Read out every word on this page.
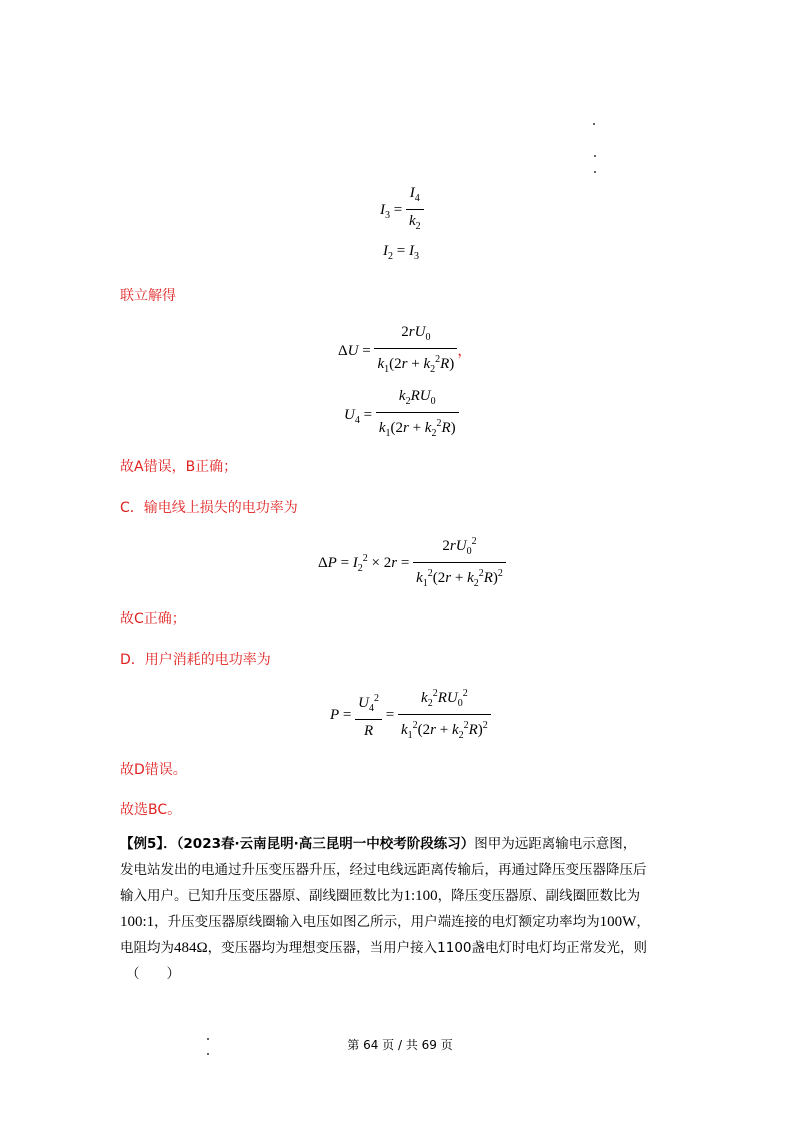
$I_3 = \frac{I_4}{k_2}$
$I_2 = I_3$
联立解得
$\Delta U = \frac{2rU_0}{k_1(2r + k_2^2R)}$ ，
$U_4 = \frac{k_2RU_0}{k_1(2r + k_2^2R)}$
故A错误，B正确；
C．输电线上损失的电功率为
$\Delta P = I_2^2 \times 2r = \frac{2rU_0^2}{k_1^2(2r + k_2^2R)^2}$
故C正确；
D．用户消耗的电功率为
$P = \frac{U_4^2}{R} = \frac{k_2^2RU_0^2}{k_1^2(2r + k_2^2R)^2}$
故D错误。
故选BC。
【例5】．（2023春·云南昆明·高三昆明一中校考阶段练习）图甲为远距离输电示意图，
发电站发出的电通过升压变压器升压，经过电线远距离传输后，再通过降压变压器降压后
输入用户。已知升压变压器原、副线圈匝数比为1:100，降压变压器原、副线圈匝数比为
100:1，升压变压器原线圈输入电压如图乙所示，用户端连接的电灯额定功率均为100W，
电阻均为484Ω，变压器均为理想变压器，当用户接入1100盏电灯时电灯均正常发光，则
（　　）
第 64 页 / 共 69 页
